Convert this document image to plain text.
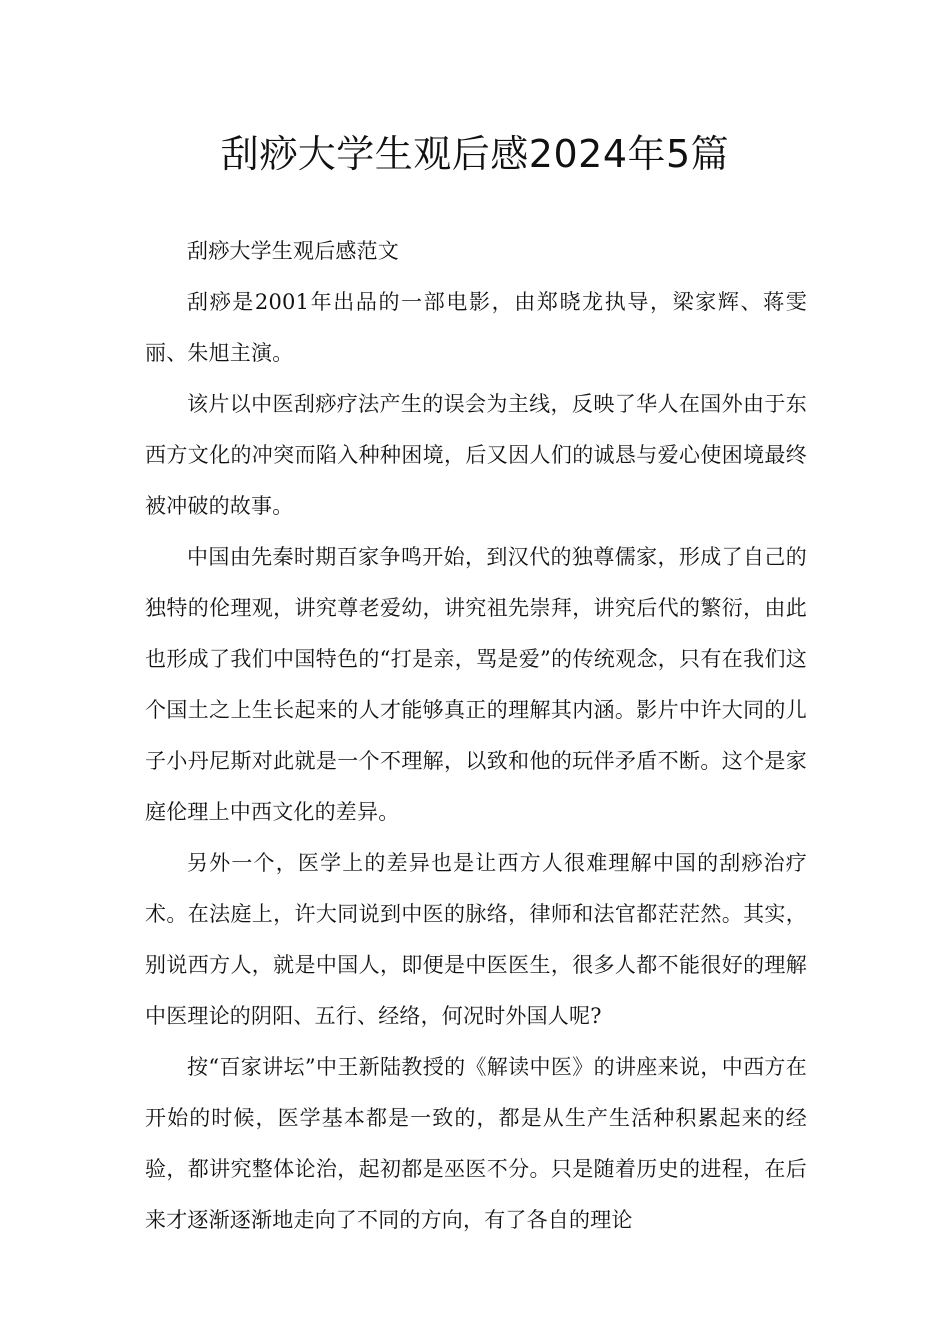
刮痧大学生观后感2024年5篇

刮痧大学生观后感范文

刮痧是2001年出品的一部电影，由郑晓龙执导，梁家辉、蒋雯丽、朱旭主演。

该片以中医刮痧疗法产生的误会为主线，反映了华人在国外由于东西方文化的冲突而陷入种种困境，后又因人们的诚恳与爱心使困境最终被冲破的故事。

中国由先秦时期百家争鸣开始，到汉代的独尊儒家，形成了自己的独特的伦理观，讲究尊老爱幼，讲究祖先崇拜，讲究后代的繁衍，由此也形成了我们中国特色的“打是亲，骂是爱”的传统观念，只有在我们这个国土之上生长起来的人才能够真正的理解其内涵。影片中许大同的儿子小丹尼斯对此就是一个不理解，以致和他的玩伴矛盾不断。这个是家庭伦理上中西文化的差异。

另外一个，医学上的差异也是让西方人很难理解中国的刮痧治疗术。在法庭上，许大同说到中医的脉络，律师和法官都茫茫然。其实，别说西方人，就是中国人，即便是中医医生，很多人都不能很好的理解中医理论的阴阳、五行、经络，何况时外国人呢?

按“百家讲坛”中王新陆教授的《解读中医》的讲座来说，中西方在开始的时候，医学基本都是一致的，都是从生产生活种积累起来的经验，都讲究整体论治，起初都是巫医不分。只是随着历史的进程，在后来才逐渐逐渐地走向了不同的方向，有了各自的理论
